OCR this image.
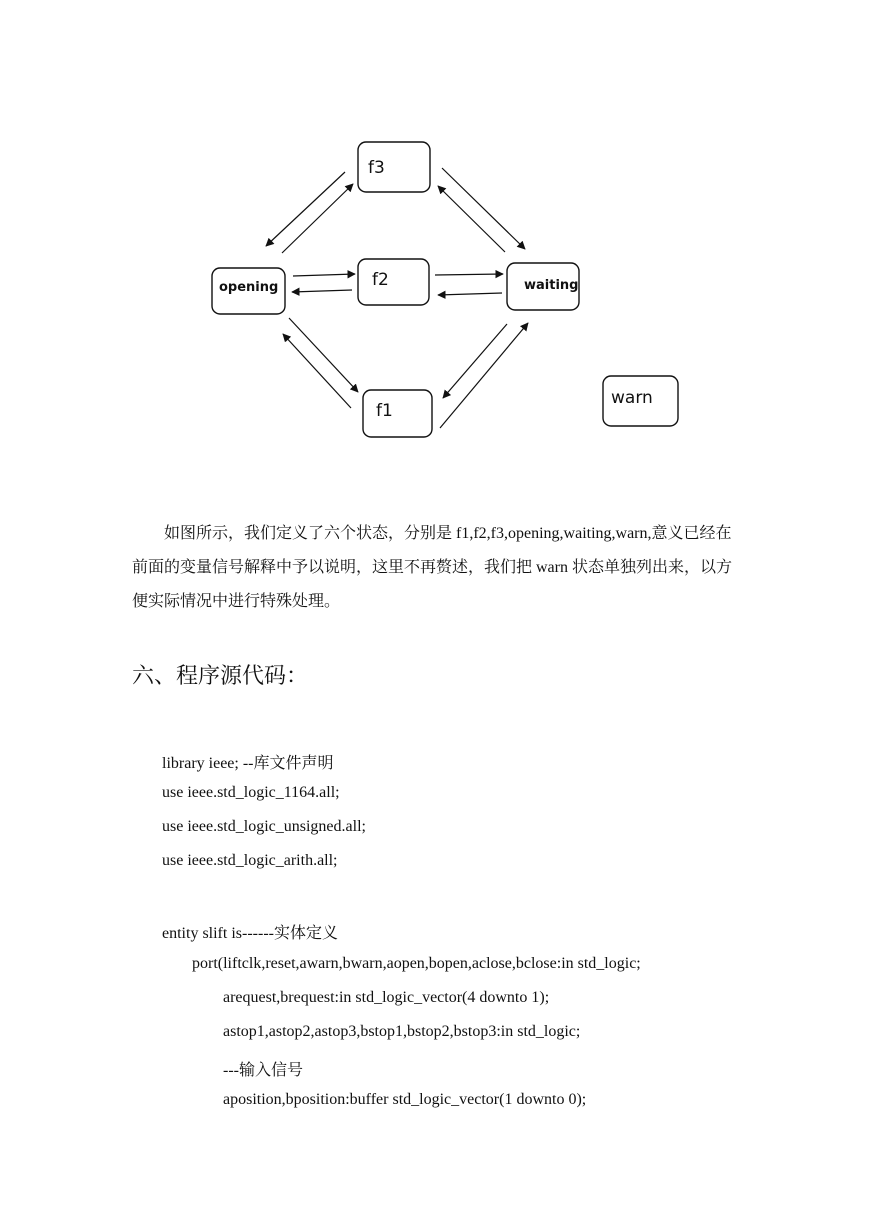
f3
f2
f1
opening	waiting
warn

如图所示，我们定义了六个状态，分别是 f1,f2,f3,opening,waiting,warn,意义已经在前面的变量信号解释中予以说明，这里不再赘述，我们把 warn 状态单独列出来，以方便实际情况中进行特殊处理。

六、程序源代码：

library ieee; --库文件声明

use ieee.std_logic_1164.all;

use ieee.std_logic_unsigned.all;

use ieee.std_logic_arith.all;

entity slift is------实体定义

port(liftclk,reset,awarn,bwarn,aopen,bopen,aclose,bclose:in std_logic;

arequest,brequest:in std_logic_vector(4 downto 1);

astop1,astop2,astop3,bstop1,bstop2,bstop3:in std_logic;

---输入信号

aposition,bposition:buffer std_logic_vector(1 downto 0);
